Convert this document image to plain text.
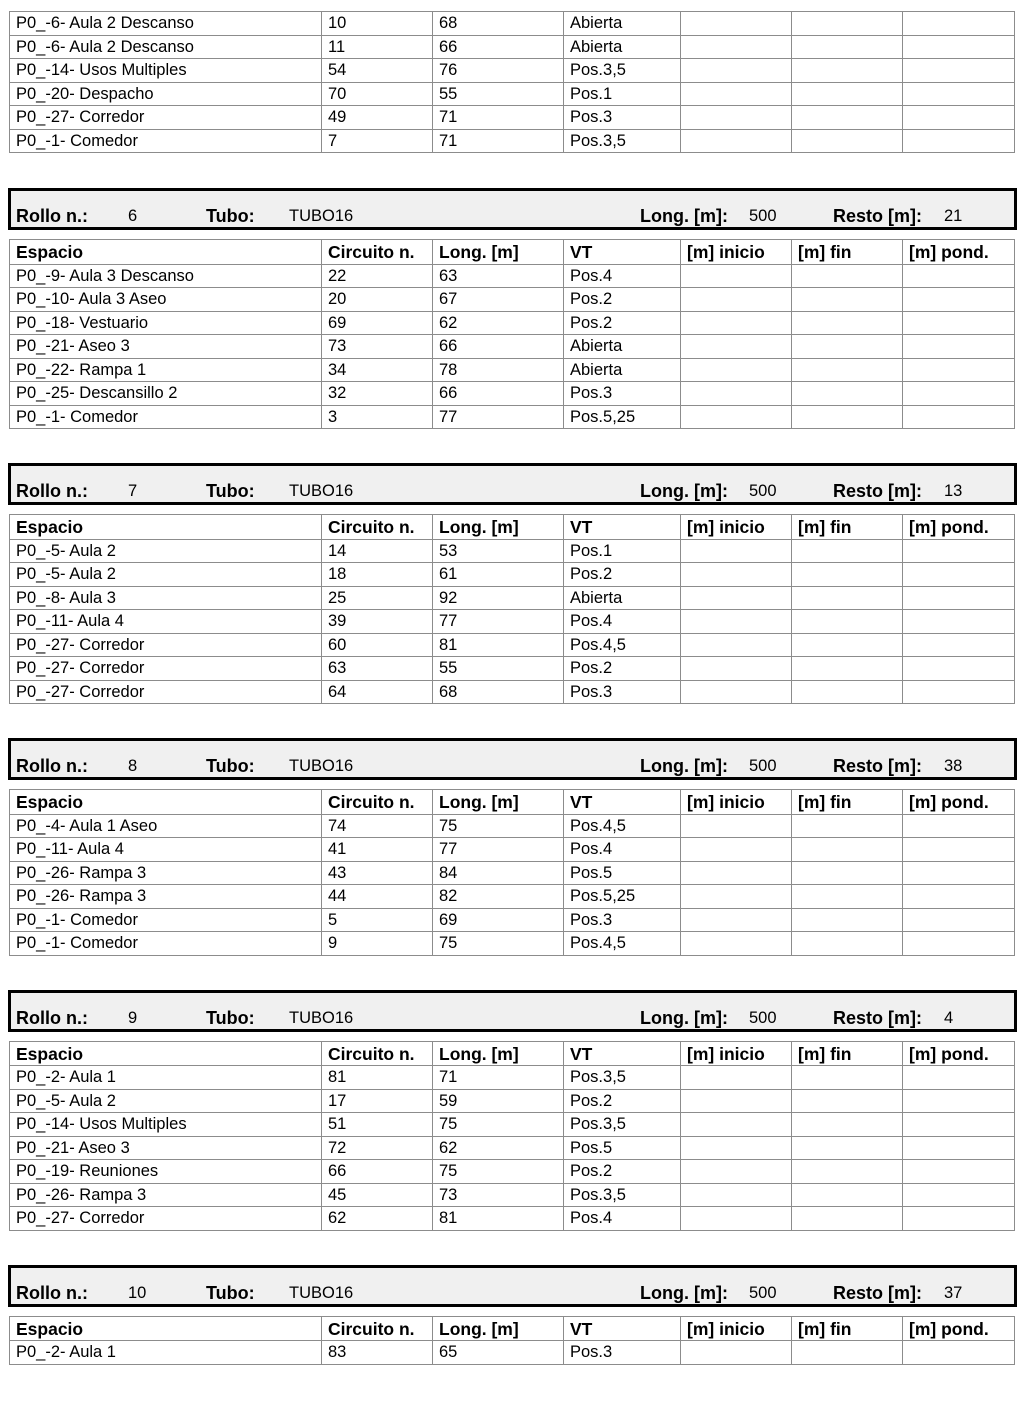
P0_-6- Aula 2 Descanso	10	68	Abierta			
P0_-6- Aula 2 Descanso	11	66	Abierta			
P0_-14- Usos Multiples	54	76	Pos.3,5			
P0_-20- Despacho	70	55	Pos.1			
P0_-27- Corredor	49	71	Pos.3			
P0_-1- Comedor	7	71	Pos.3,5			
Rollo n.: 6	Tubo: TUBO16	Long. [m]: 500	Resto [m]: 21
Espacio	Circuito n.	Long. [m]	VT	[m] inicio	[m] fin	[m] pond.
P0_-9- Aula 3 Descanso	22	63	Pos.4			
P0_-10- Aula 3 Aseo	20	67	Pos.2			
P0_-18- Vestuario	69	62	Pos.2			
P0_-21- Aseo 3	73	66	Abierta			
P0_-22- Rampa 1	34	78	Abierta			
P0_-25- Descansillo 2	32	66	Pos.3			
P0_-1- Comedor	3	77	Pos.5,25			
Rollo n.: 7	Tubo: TUBO16	Long. [m]: 500	Resto [m]: 13
Espacio	Circuito n.	Long. [m]	VT	[m] inicio	[m] fin	[m] pond.
P0_-5- Aula 2	14	53	Pos.1			
P0_-5- Aula 2	18	61	Pos.2			
P0_-8- Aula 3	25	92	Abierta			
P0_-11- Aula 4	39	77	Pos.4			
P0_-27- Corredor	60	81	Pos.4,5			
P0_-27- Corredor	63	55	Pos.2			
P0_-27- Corredor	64	68	Pos.3			
Rollo n.: 8	Tubo: TUBO16	Long. [m]: 500	Resto [m]: 38
Espacio	Circuito n.	Long. [m]	VT	[m] inicio	[m] fin	[m] pond.
P0_-4- Aula 1 Aseo	74	75	Pos.4,5			
P0_-11- Aula 4	41	77	Pos.4			
P0_-26- Rampa 3	43	84	Pos.5			
P0_-26- Rampa 3	44	82	Pos.5,25			
P0_-1- Comedor	5	69	Pos.3			
P0_-1- Comedor	9	75	Pos.4,5			
Rollo n.: 9	Tubo: TUBO16	Long. [m]: 500	Resto [m]: 4
Espacio	Circuito n.	Long. [m]	VT	[m] inicio	[m] fin	[m] pond.
P0_-2- Aula 1	81	71	Pos.3,5			
P0_-5- Aula 2	17	59	Pos.2			
P0_-14- Usos Multiples	51	75	Pos.3,5			
P0_-21- Aseo 3	72	62	Pos.5			
P0_-19- Reuniones	66	75	Pos.2			
P0_-26- Rampa 3	45	73	Pos.3,5			
P0_-27- Corredor	62	81	Pos.4			
Rollo n.: 10	Tubo: TUBO16	Long. [m]: 500	Resto [m]: 37
Espacio	Circuito n.	Long. [m]	VT	[m] inicio	[m] fin	[m] pond.
P0_-2- Aula 1	83	65	Pos.3			
